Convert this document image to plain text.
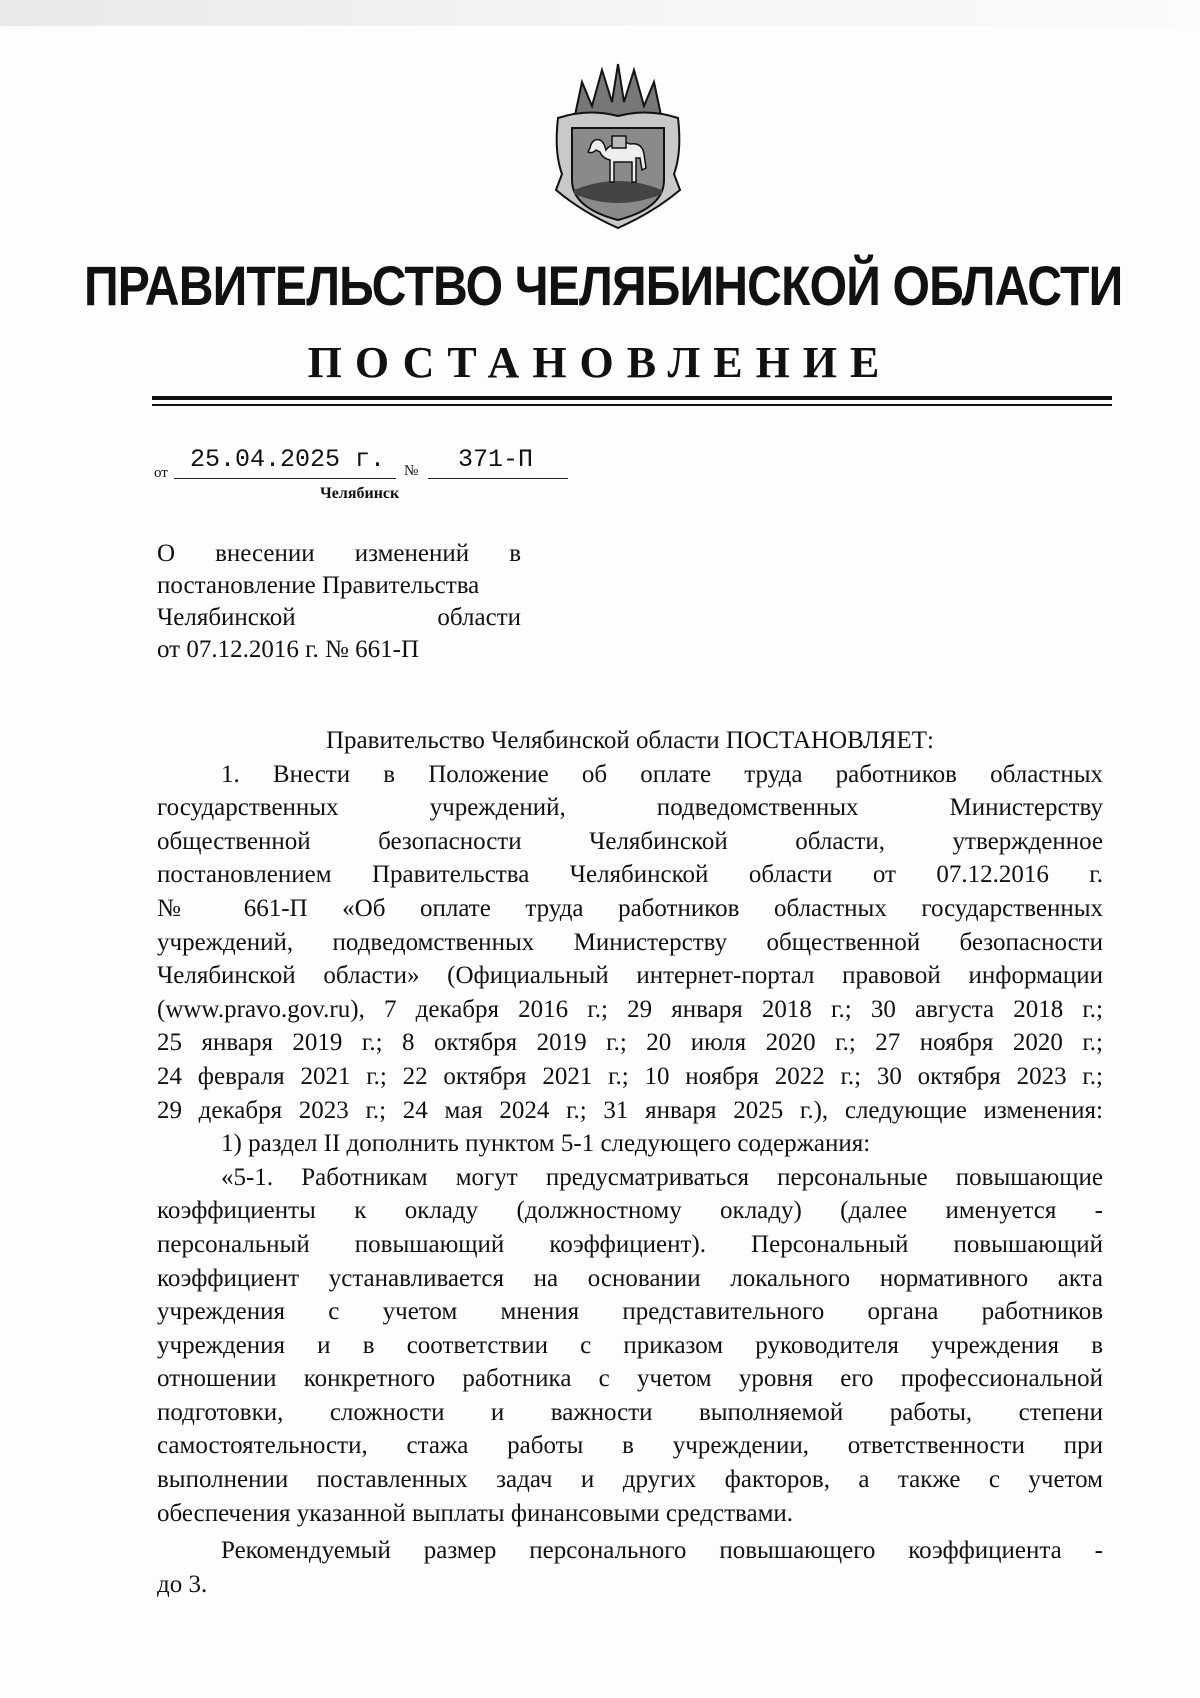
ПРАВИТЕЛЬСТВО ЧЕЛЯБИНСКОЙ ОБЛАСТИ
ПОСТАНОВЛЕНИЕ
от 25.04.2025 г. № 371-П
Челябинск
О внесении изменений в
постановление Правительства
Челябинской области
от 07.12.2016 г. № 661-П
Правительство Челябинской области ПОСТАНОВЛЯЕТ:
1. Внести в Положение об оплате труда работников областных
государственных учреждений, подведомственных Министерству
общественной безопасности Челябинской области, утвержденное
постановлением Правительства Челябинской области от 07.12.2016 г.
№ 661-П «Об оплате труда работников областных государственных
учреждений, подведомственных Министерству общественной безопасности
Челябинской области» (Официальный интернет-портал правовой информации
(www.pravo.gov.ru), 7 декабря 2016 г.; 29 января 2018 г.; 30 августа 2018 г.;
25 января 2019 г.; 8 октября 2019 г.; 20 июля 2020 г.; 27 ноября 2020 г.;
24 февраля 2021 г.; 22 октября 2021 г.; 10 ноября 2022 г.; 30 октября 2023 г.;
29 декабря 2023 г.; 24 мая 2024 г.; 31 января 2025 г.), следующие изменения:
1) раздел II дополнить пунктом 5-1 следующего содержания:
«5-1. Работникам могут предусматриваться персональные повышающие
коэффициенты к окладу (должностному окладу) (далее именуется -
персональный повышающий коэффициент). Персональный повышающий
коэффициент устанавливается на основании локального нормативного акта
учреждения с учетом мнения представительного органа работников
учреждения и в соответствии с приказом руководителя учреждения в
отношении конкретного работника с учетом уровня его профессиональной
подготовки, сложности и важности выполняемой работы, степени
самостоятельности, стажа работы в учреждении, ответственности при
выполнении поставленных задач и других факторов, а также с учетом
обеспечения указанной выплаты финансовыми средствами.
Рекомендуемый размер персонального повышающего коэффициента -
до 3.
